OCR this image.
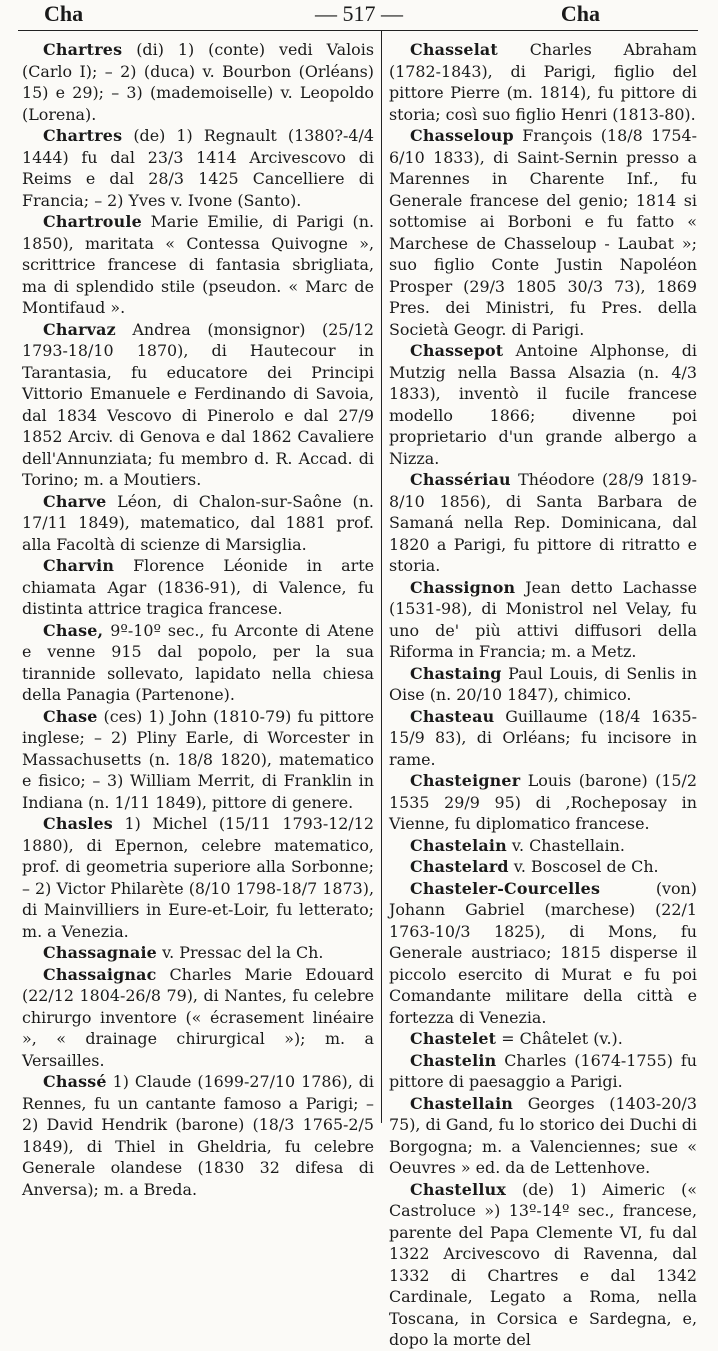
Cha	— 517 —	Cha

Chartres (di) 1) (conte) vedi Valois (Carlo I); – 2) (duca) v. Bourbon (Orléans) 15) e 29); – 3) (mademoiselle) v. Leopoldo (Lorena).

Chartres (de) 1) Regnault (1380?-4/4 1444) fu dal 23/3 1414 Arcivescovo di Reims e dal 28/3 1425 Cancelliere di Francia; – 2) Yves v. Ivone (Santo).

Chartroule Marie Emilie, di Parigi (n. 1850), maritata « Contessa Quivogne », scrittrice francese di fantasia sbrigliata, ma di splendido stile (pseudon. « Marc de Montifaud ».

Charvaz Andrea (monsignor) (25/12 1793-18/10 1870), di Hautecour in Tarantasia, fu educatore dei Principi Vittorio Emanuele e Ferdinando di Savoia, dal 1834 Vescovo di Pinerolo e dal 27/9 1852 Arciv. di Genova e dal 1862 Cavaliere dell'Annunziata; fu membro d. R. Accad. di Torino; m. a Moutiers.

Charve Léon, di Chalon-sur-Saône (n. 17/11 1849), matematico, dal 1881 prof. alla Facoltà di scienze di Marsiglia.

Charvin Florence Léonide in arte chiamata Agar (1836-91), di Valence, fu distinta attrice tragica francese.

Chase, 9º-10º sec., fu Arconte di Atene e venne 915 dal popolo, per la sua tirannide sollevato, lapidato nella chiesa della Panagia (Partenone).

Chase (ces) 1) John (1810-79) fu pittore inglese; – 2) Pliny Earle, di Worcester in Massachusetts (n. 18/8 1820), matematico e fisico; – 3) William Merrit, di Franklin in Indiana (n. 1/11 1849), pittore di genere.

Chasles 1) Michel (15/11 1793-12/12 1880), di Epernon, celebre matematico, prof. di geometria superiore alla Sorbonne; – 2) Victor Philarète (8/10 1798-18/7 1873), di Mainvilliers in Eure-et-Loir, fu letterato; m. a Venezia.

Chassagnaie v. Pressac del la Ch.

Chassaignac Charles Marie Edouard (22/12 1804-26/8 79), di Nantes, fu celebre chirurgo inventore (« écrasement linéaire », « drainage chirurgical »); m. a Versailles.

Chassé 1) Claude (1699-27/10 1786), di Rennes, fu un cantante famoso a Parigi; – 2) David Hendrik (barone) (18/3 1765-2/5 1849), di Thiel in Gheldria, fu celebre Generale olandese (1830 32 difesa di Anversa); m. a Breda.

Chasselat Charles Abraham (1782-1843), di Parigi, figlio del pittore Pierre (m. 1814), fu pittore di storia; così suo figlio Henri (1813-80).

Chasseloup François (18/8 1754-6/10 1833), di Saint-Sernin presso a Marennes in Charente Inf., fu Generale francese del genio; 1814 si sottomise ai Borboni e fu fatto « Marchese de Chasseloup - Laubat »; suo figlio Conte Justin Napoléon Prosper (29/3 1805 30/3 73), 1869 Pres. dei Ministri, fu Pres. della Società Geogr. di Parigi.

Chassepot Antoine Alphonse, di Mutzig nella Bassa Alsazia (n. 4/3 1833), inventò il fucile francese modello 1866; divenne poi proprietario d'un grande albergo a Nizza.

Chassériau Théodore (28/9 1819-8/10 1856), di Santa Barbara de Samaná nella Rep. Dominicana, dal 1820 a Parigi, fu pittore di ritratto e storia.

Chassignon Jean detto Lachasse (1531-98), di Monistrol nel Velay, fu uno de' più attivi diffusori della Riforma in Francia; m. a Metz.

Chastaing Paul Louis, di Senlis in Oise (n. 20/10 1847), chimico.

Chasteau Guillaume (18/4 1635-15/9 83), di Orléans; fu incisore in rame.

Chasteigner Louis (barone) (15/2 1535 29/9 95) di ,Rocheposay in Vienne, fu diplomatico francese.

Chastelain v. Chastellain.

Chastelard v. Boscosel de Ch.

Chasteler-Courcelles	(von) Johann Gabriel (marchese) (22/1 1763-10/3 1825), di Mons, fu Generale austriaco; 1815 disperse il piccolo esercito di Murat e fu poi Comandante militare della città e fortezza di Venezia.

Chastelet = Châtelet (v.).

Chastelin Charles (1674-1755) fu pittore di paesaggio a Parigi.

Chastellain Georges (1403-20/3 75), di Gand, fu lo storico dei Duchi di Borgogna; m. a Valenciennes; sue « Oeuvres » ed. da de Lettenhove.

Chastellux (de) 1) Aimeric (« Castroluce ») 13º-14º sec., francese, parente del Papa Clemente VI, fu dal 1322 Arcivescovo di Ravenna, dal 1332 di Chartres e dal 1342 Cardinale, Legato a Roma, nella Toscana, in Corsica e Sardegna, e, dopo la morte del
